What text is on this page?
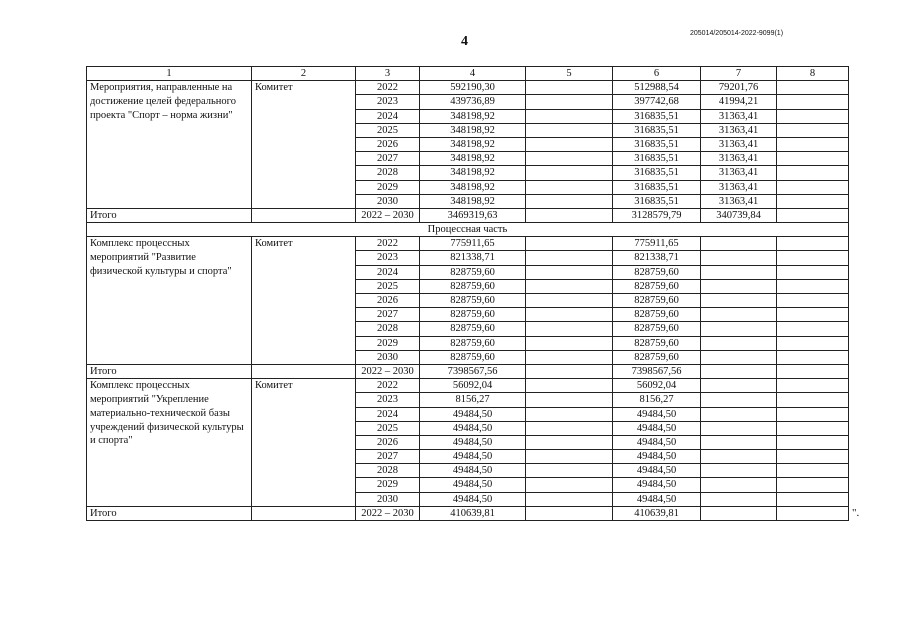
4
205014/205014-2022-9099(1)
1	2	3	4	5	6	7	8
Мероприятия, направленные на достижение целей федерального проекта "Спорт – норма жизни"	Комитет	2022	592190,30		512988,54	79201,76	
		2023	439736,89		397742,68	41994,21	
		2024	348198,92		316835,51	31363,41	
		2025	348198,92		316835,51	31363,41	
		2026	348198,92		316835,51	31363,41	
		2027	348198,92		316835,51	31363,41	
		2028	348198,92		316835,51	31363,41	
		2029	348198,92		316835,51	31363,41	
		2030	348198,92		316835,51	31363,41	
Итого		2022 – 2030	3469319,63		3128579,79	340739,84	
Процессная часть							
Комплекс процессных мероприятий "Развитие физической культуры и спорта"	Комитет	2022	775911,65		775911,65		
		2023	821338,71		821338,71		
		2024	828759,60		828759,60		
		2025	828759,60		828759,60		
		2026	828759,60		828759,60		
		2027	828759,60		828759,60		
		2028	828759,60		828759,60		
		2029	828759,60		828759,60		
		2030	828759,60		828759,60		
Итого		2022 – 2030	7398567,56		7398567,56		
Комплекс процессных мероприятий "Укрепление материально-технической базы учреждений физической культуры и спорта"	Комитет	2022	56092,04		56092,04		
		2023	8156,27		8156,27		
		2024	49484,50		49484,50		
		2025	49484,50		49484,50		
		2026	49484,50		49484,50		
		2027	49484,50		49484,50		
		2028	49484,50		49484,50		
		2029	49484,50		49484,50		
		2030	49484,50		49484,50		
Итого		2022 – 2030	410639,81		410639,81			".
